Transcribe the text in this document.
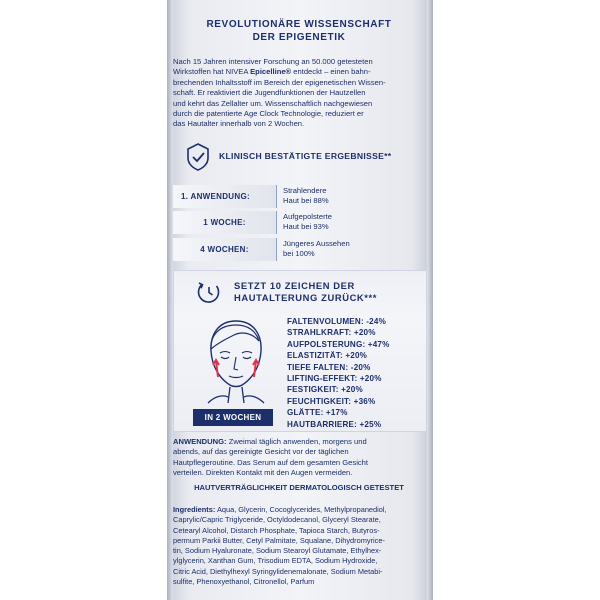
REVOLUTIONÄRE WISSENSCHAFT
DER EPIGENETIK
Nach 15 Jahren intensiver Forschung an 50.000 getesteten
Wirkstoffen hat NIVEA Epicelline® entdeckt – einen bahn-
brechenden Inhaltsstoff im Bereich der epigenetischen Wissen-
schaft. Er reaktiviert die Jugendfunktionen der Hautzellen
und kehrt das Zellalter um. Wissenschaftlich nachgewiesen
durch die patentierte Age Clock Technologie, reduziert er
das Hautalter innerhalb von 2 Wochen.
KLINISCH BESTÄTIGTE ERGEBNISSE**
1. ANWENDUNG:
Strahlendere
Haut bei 88%
1 WOCHE:
Aufgepolsterte
Haut bei 93%
4 WOCHEN:
Jüngeres Aussehen
bei 100%
SETZT 10 ZEICHEN DER
HAUTALTERUNG ZURÜCK***
FALTENVOLUMEN: -24%
STRAHLKRAFT: +20%
AUFPOLSTERUNG: +47%
ELASTIZITÄT: +20%
TIEFE FALTEN: -20%
LIFTING-EFFEKT: +20%
FESTIGKEIT: +20%
FEUCHTIGKEIT: +36%
GLÄTTE: +17%
HAUTBARRIERE: +25%
IN 2 WOCHEN
ANWENDUNG: Zweimal täglich anwenden, morgens und
abends, auf das gereinigte Gesicht vor der täglichen
Hautpflegeroutine. Das Serum auf dem gesamten Gesicht
verteilen. Direkten Kontakt mit den Augen vermeiden.
HAUTVERTRÄGLICHKEIT DERMATOLOGISCH GETESTET
Ingredients: Aqua, Glycerin, Cocoglycerides, Methylpropanediol,
Caprylic/Capric Triglyceride, Octyldodecanol, Glyceryl Stearate,
Cetearyl Alcohol, Distarch Phosphate, Tapioca Starch, Butyros-
permum Parkii Butter, Cetyl Palmitate, Squalane, Dihydromyrice-
tin, Sodium Hyaluronate, Sodium Stearoyl Glutamate, Ethylhex-
ylglycerin, Xanthan Gum, Trisodium EDTA, Sodium Hydroxide,
Citric Acid, Diethylhexyl Syringylidenemalonate, Sodium Metabi-
sulfite, Phenoxyethanol, Citronellol, Parfum
